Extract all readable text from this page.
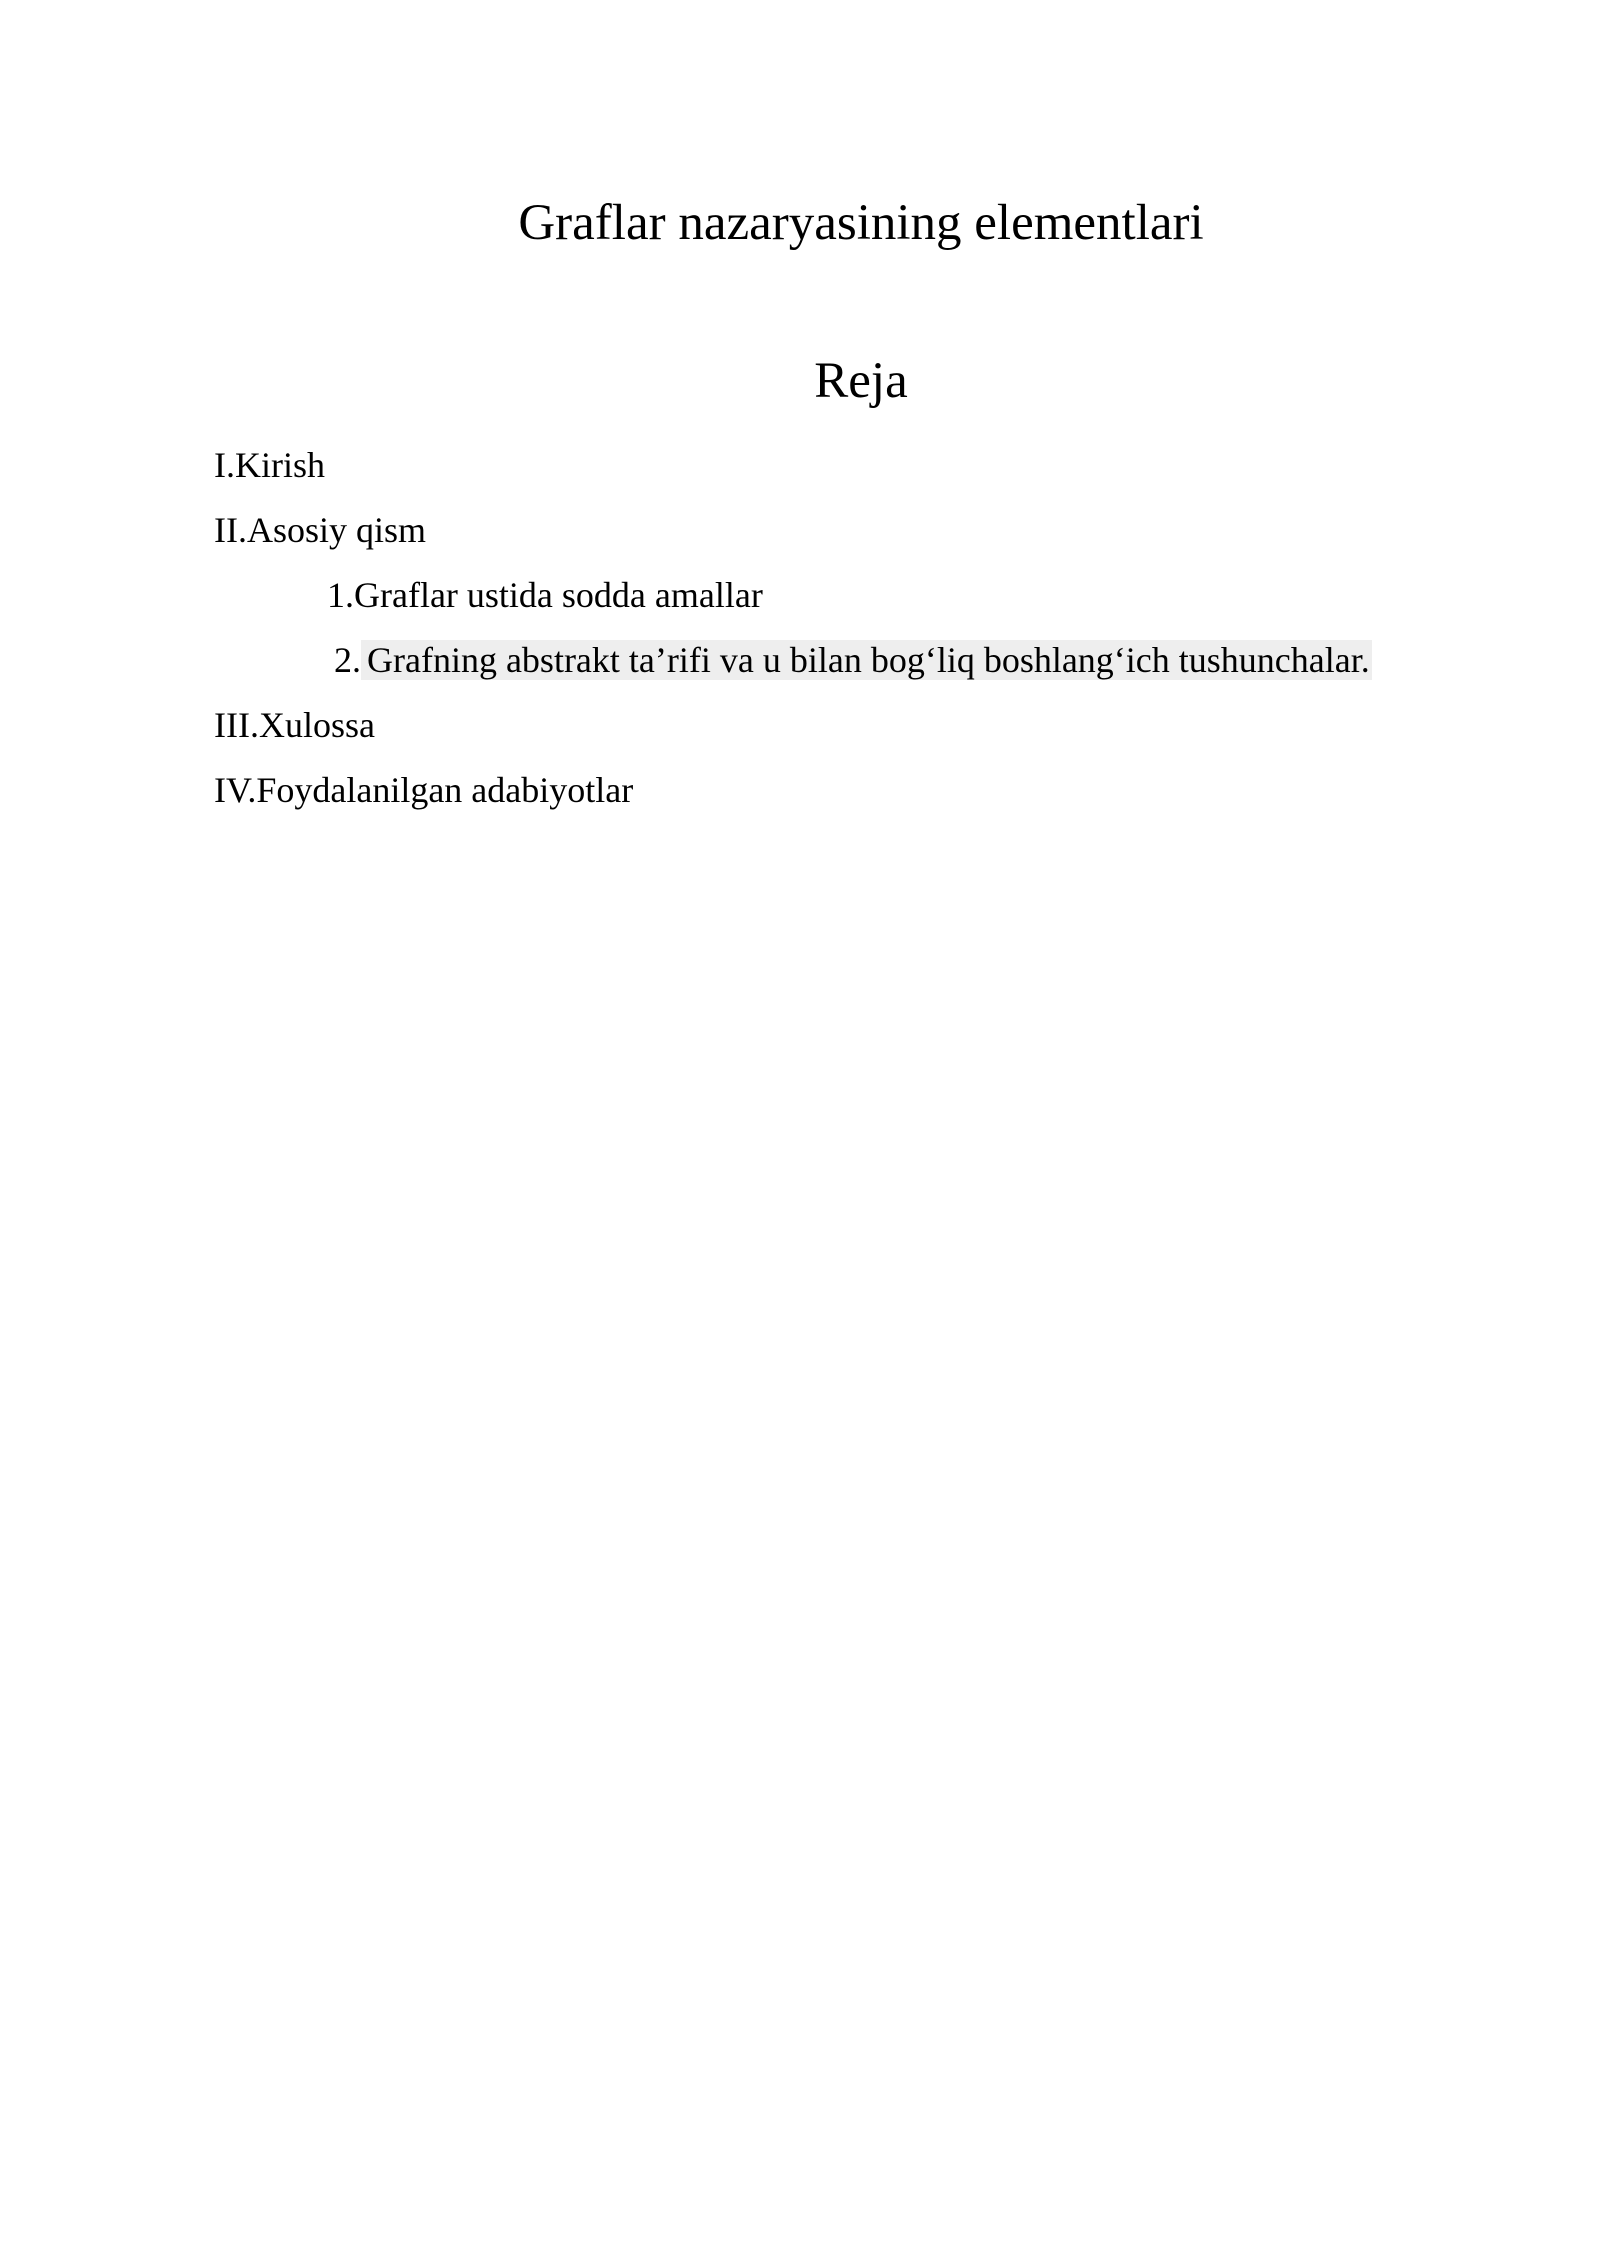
Graflar nazaryasining elementlari
Reja
I.Kirish
II.Asosiy qism
1.Graflar ustida sodda amallar
2. Grafning abstrakt ta’rifi va u bilan bog‘liq boshlang‘ich tushunchalar.
III.Xulossa
IV.Foydalanilgan adabiyotlar
